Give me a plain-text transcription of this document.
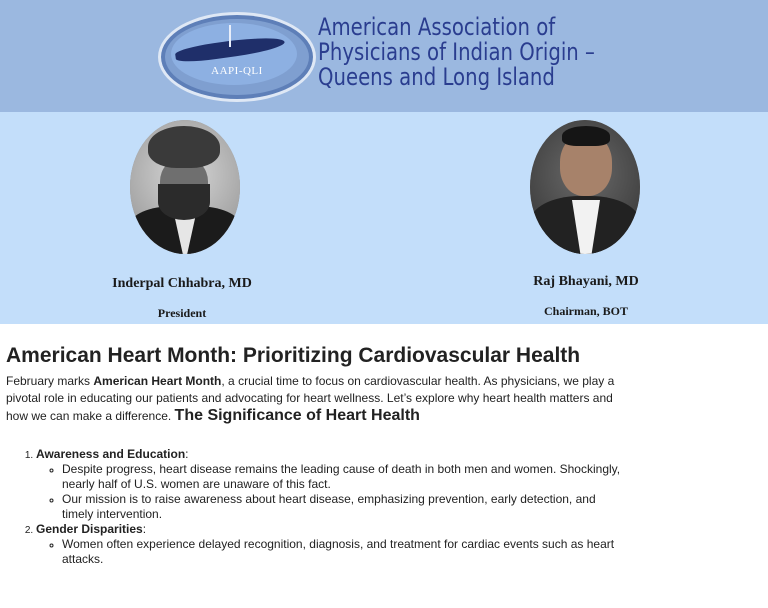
AAPI-QLI
American Association of
Physicians of Indian Origin –
Queens and Long Island
Inderpal Chhabra, MD
President
Raj Bhayani, MD
Chairman, BOT
American Heart Month: Prioritizing Cardiovascular Health

February marks American Heart Month, a crucial time to focus on cardiovascular health. As physicians, we play a pivotal role in educating our patients and advocating for heart wellness. Let’s explore why heart health matters and how we can make a difference. The Significance of Heart Health

1. Awareness and Education:
◦ Despite progress, heart disease remains the leading cause of death in both men and women. Shockingly, nearly half of U.S. women are unaware of this fact.
◦ Our mission is to raise awareness about heart disease, emphasizing prevention, early detection, and timely intervention.
2. Gender Disparities:
◦ Women often experience delayed recognition, diagnosis, and treatment for cardiac events such as heart attacks.
